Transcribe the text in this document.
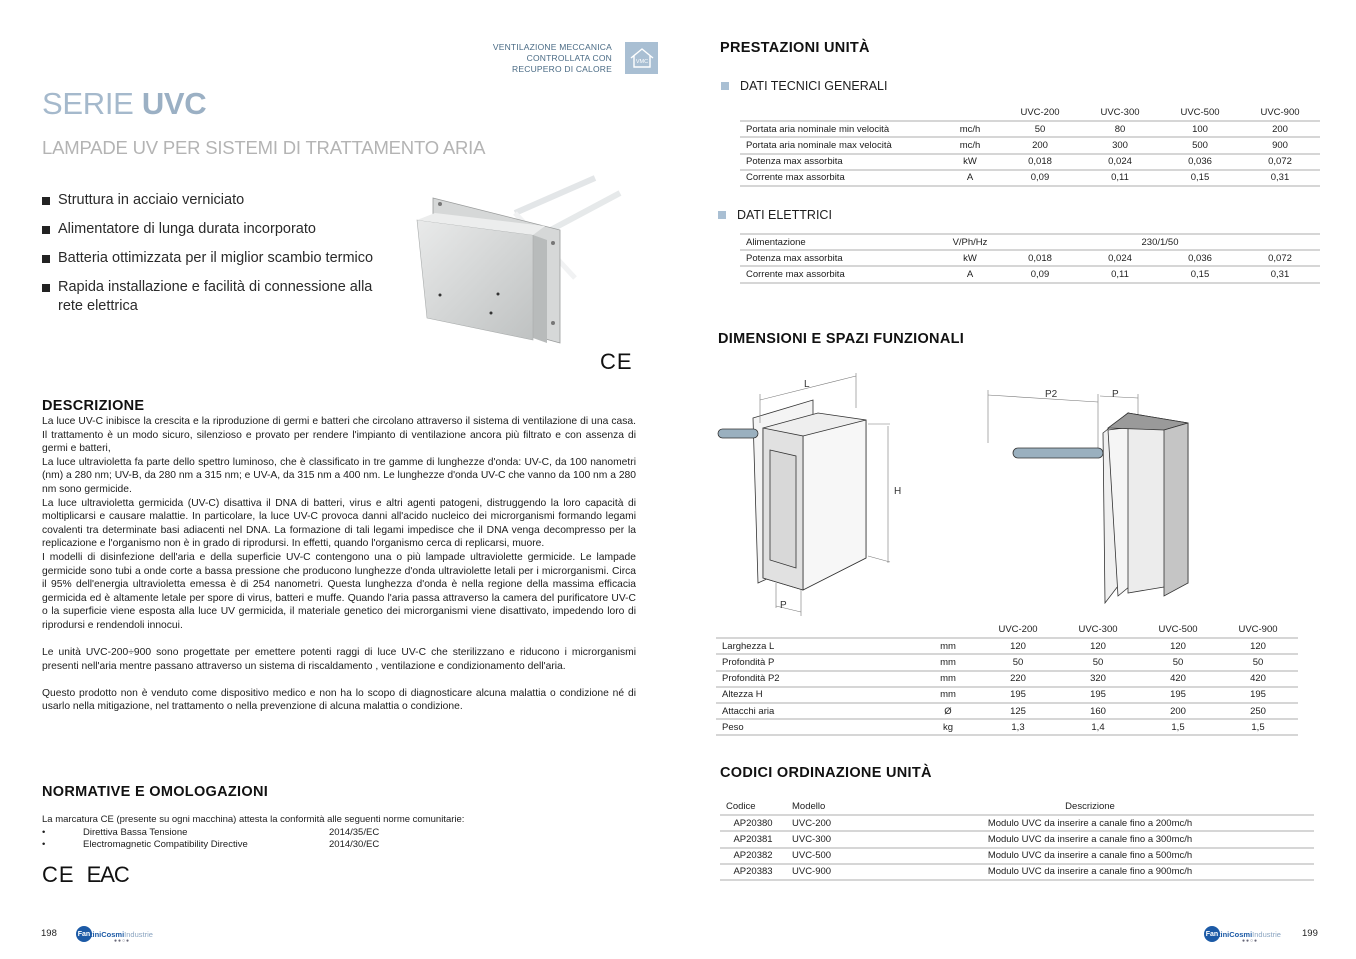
VENTILAZIONE MECCANICA
CONTROLLATA CON
RECUPERO DI CALORE
VMC
SERIE UVC
LAMPADE UV PER SISTEMI DI TRATTAMENTO ARIA
Struttura in acciaio verniciato
Alimentatore di lunga durata incorporato
Batteria ottimizzata per il miglior scambio termico
Rapida installazione e facilità di connessione alla rete elettrica
CE
DESCRIZIONE

La luce UV-C inibisce la crescita e la riproduzione di germi e batteri che circolano attraverso il sistema di ventilazione di una casa. Il trattamento è un modo sicuro, silenzioso e provato per rendere l'impianto di ventilazione ancora più filtrato e con assenza di germi e batteri,

La luce ultravioletta fa parte dello spettro luminoso, che è classificato in tre gamme di lunghezze d'onda: UV-C, da 100 nanometri (nm) a 280 nm; UV-B, da 280 nm a 315 nm; e UV-A, da 315 nm a 400 nm. Le lunghezze d'onda UV-C che vanno da 100 nm a 280 nm sono germicide.

La luce ultravioletta germicida (UV-C) disattiva il DNA di batteri, virus e altri agenti patogeni, distruggendo la loro capacità di moltiplicarsi e causare malattie. In particolare, la luce UV-C provoca danni all'acido nucleico dei microrganismi formando legami covalenti tra determinate basi adiacenti nel DNA. La formazione di tali legami impedisce che il DNA venga decompresso per la replicazione e l'organismo non è in grado di riprodursi. In effetti, quando l'organismo cerca di replicarsi, muore.

I modelli di disinfezione dell'aria e della superficie UV-C contengono una o più lampade ultraviolette germicide. Le lampade germicide sono tubi a onde corte a bassa pressione che producono lunghezze d'onda ultraviolette letali per i microrganismi. Circa il 95% dell'energia ultravioletta emessa è di 254 nanometri. Questa lunghezza d'onda è nella regione della massima efficacia germicida ed è altamente letale per spore di virus, batteri e muffe. Quando l'aria passa attraverso la camera del purificatore UV-C o la superficie viene esposta alla luce UV germicida, il materiale genetico dei microrganismi viene disattivato, impedendo loro di riprodursi e rendendoli innocui.

Le unità UVC-200÷900 sono progettate per emettere potenti raggi di luce UV-C che sterilizzano e riducono i microrganismi presenti nell'aria mentre passano attraverso un sistema di riscaldamento , ventilazione e condizionamento dell'aria.

Questo prodotto non è venduto come dispositivo medico e non ha lo scopo di diagnosticare alcuna malattia o condizione né di usarlo nella mitigazione, nel trattamento o nella prevenzione di alcuna malattia o condizione.

NORMATIVE E OMOLOGAZIONI
La marcatura CE (presente su ogni macchina) attesta la conformità alle seguenti norme comunitarie:
•	Direttiva Bassa Tensione	2014/35/EC
•	Electromagnetic Compatibility Directive	2014/30/EC
CE EAC
198	Fan tiniCosmiIndustrie
●●○●
PRESTAZIONI UNITÀ
DATI TECNICI GENERALI
		UVC-200	UVC-300	UVC-500	UVC-900
Portata aria nominale min velocità	mc/h	50	80	100	200
Portata aria nominale max velocità	mc/h	200	300	500	900
Potenza max assorbita	kW	0,018	0,024	0,036	0,072
Corrente max assorbita	A	0,09	0,11	0,15	0,31
DATI ELETTRICI
Alimentazione	V/Ph/Hz	230/1/50			
Potenza max assorbita	kW	0,018	0,024	0,036	0,072
Corrente max assorbita	A	0,09	0,11	0,15	0,31
DIMENSIONI E SPAZI FUNZIONALI
L
H
P
P2	P
		UVC-200	UVC-300	UVC-500	UVC-900
Larghezza L	mm	120	120	120	120
Profondità P	mm	50	50	50	50
Profondità P2	mm	220	320	420	420
Altezza H	mm	195	195	195	195
Attacchi aria	Ø	125	160	200	250
Peso	kg	1,3	1,4	1,5	1,5
CODICI ORDINAZIONE UNITÀ
Codice	Modello	Descrizione
AP20380	UVC-200	Modulo UVC da inserire a canale fino a 200mc/h
AP20381	UVC-300	Modulo UVC da inserire a canale fino a 300mc/h
AP20382	UVC-500	Modulo UVC da inserire a canale fino a 500mc/h
AP20383	UVC-900	Modulo UVC da inserire a canale fino a 900mc/h
Fan tiniCosmiIndustrie
●●○●
199
